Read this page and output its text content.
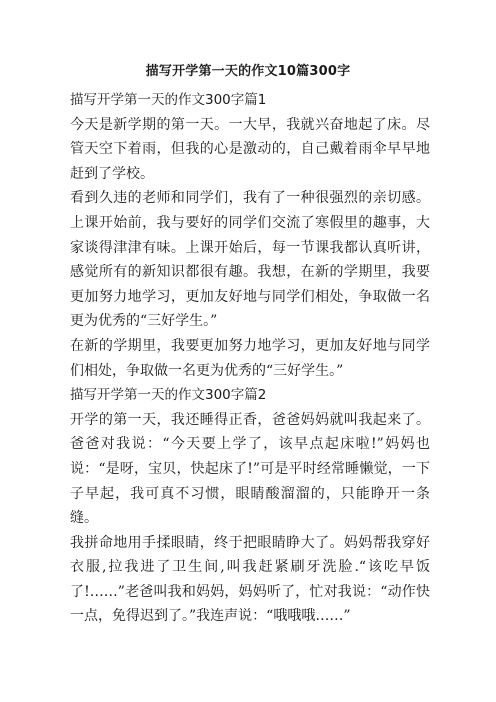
描写开学第一天的作文10篇300字

描写开学第一天的作文300字篇1

今天是新学期的第一天。一大早，我就兴奋地起了床。尽管天空下着雨，但我的心是激动的，自己戴着雨伞早早地赶到了学校。

看到久违的老师和同学们，我有了一种很强烈的亲切感。上课开始前，我与要好的同学们交流了寒假里的趣事，大家谈得津津有味。上课开始后，每一节课我都认真听讲，感觉所有的新知识都很有趣。我想，在新的学期里，我要更加努力地学习，更加友好地与同学们相处，争取做一名更为优秀的“三好学生。”

在新的学期里，我要更加努力地学习，更加友好地与同学们相处，争取做一名更为优秀的“三好学生。”

描写开学第一天的作文300字篇2

开学的第一天，我还睡得正香，爸爸妈妈就叫我起来了。爸爸对我说：“今天要上学了，该早点起床啦!”妈妈也说：“是呀，宝贝，快起床了!”可是平时经常睡懒觉，一下子早起，我可真不习惯，眼睛酸溜溜的，只能睁开一条缝。

我拼命地用手揉眼睛，终于把眼睛睁大了。妈妈帮我穿好衣服,拉我进了卫生间,叫我赶紧刷牙洗脸.“该吃早饭了!……”老爸叫我和妈妈，妈妈听了，忙对我说：“动作快一点，免得迟到了。”我连声说：“哦哦哦……”
